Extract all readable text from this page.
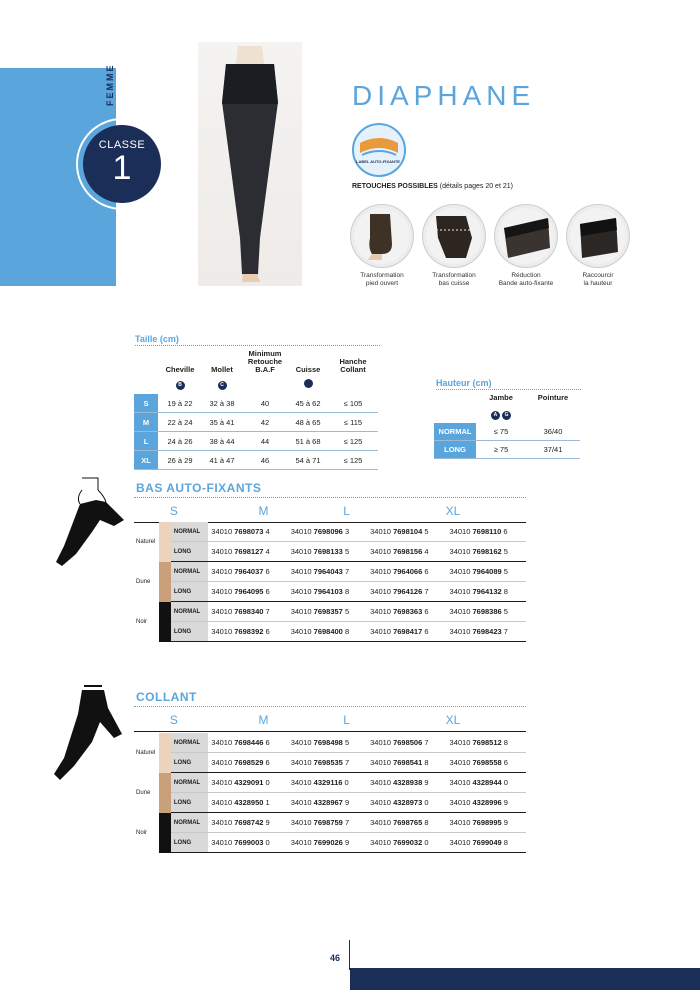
FEMME
CLASSE
1
DIAPHANE
LABEL AUTO-FIXANTE
RETOUCHES POSSIBLES (détails pages 20 et 21)
Transformation
pied ouvert
Transformation
bas cuisse
Réduction
Bande auto-fixante
Raccourcir
la hauteur
Taille (cm)
	Cheville	Mollet	Minimum Retouche B.A.F	Cuisse	Hanche Collant
	B	C			
S	19 à 22	32 à 38	40	45 à 62	≤ 105
M	22 à 24	35 à 41	42	48 à 65	≤ 115
L	24 à 26	38 à 44	44	51 à 68	≤ 125
XL	26 à 29	41 à 47	46	54 à 71	≤ 125
Hauteur (cm)
	Jambe	Pointure
	A G	
NORMAL	≤ 75	36/40
LONG	≥ 75	37/41
BAS AUTO-FIXANTS
	S	M	L	XL

Naturel		NORMAL	34010 7698073 4	34010 7698096 3	34010 7698104 5	34010 7698110 6
		LONG	34010 7698127 4	34010 7698133 5	34010 7698156 4	34010 7698162 5
Dune		NORMAL	34010 7964037 6	34010 7964043 7	34010 7964066 6	34010 7964089 5
		LONG	34010 7964095 6	34010 7964103 8	34010 7964126 7	34010 7964132 8
Noir		NORMAL	34010 7698340 7	34010 7698357 5	34010 7698363 6	34010 7698386 5
		LONG	34010 7698392 6	34010 7698400 8	34010 7698417 6	34010 7698423 7
COLLANT
	S	M	L	XL

Naturel		NORMAL	34010 7698446 6	34010 7698498 5	34010 7698506 7	34010 7698512 8
		LONG	34010 7698529 6	34010 7698535 7	34010 7698541 8	34010 7698558 6
Dune		NORMAL	34010 4329091 0	34010 4329116 0	34010 4328938 9	34010 4328944 0
		LONG	34010 4328950 1	34010 4328967 9	34010 4328973 0	34010 4328996 9
Noir		NORMAL	34010 7698742 9	34010 7698759 7	34010 7698765 8	34010 7698995 9
		LONG	34010 7699003 0	34010 7699026 9	34010 7699032 0	34010 7699049 8
46
